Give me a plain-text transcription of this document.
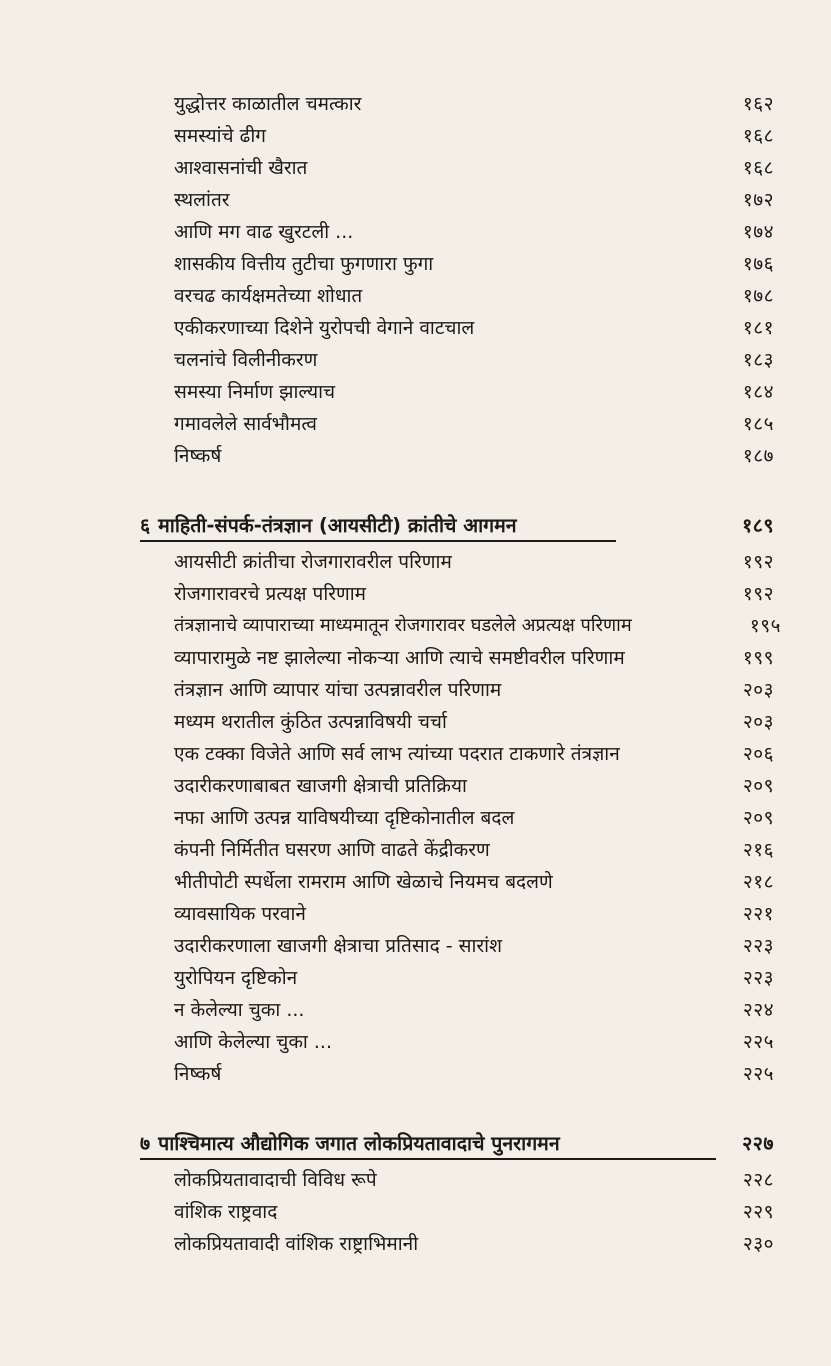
युद्धोत्तर काळातील चमत्कार	१६२
समस्यांचे ढीग	१६८
आश्वासनांची खैरात	१६८
स्थलांतर	१७२
आणि मग वाढ खुरटली ...	१७४
शासकीय वित्तीय तुटीचा फुगणारा फुगा	१७६
वरचढ कार्यक्षमतेच्या शोधात	१७८
एकीकरणाच्या दिशेने युरोपची वेगाने वाटचाल	१८१
चलनांचे विलीनीकरण	१८३
समस्या निर्माण झाल्याच	१८४
गमावलेले सार्वभौमत्व	१८५
निष्कर्ष	१८७
६ माहिती-संपर्क-तंत्रज्ञान (आयसीटी) क्रांतीचे आगमन	१८९
आयसीटी क्रांतीचा रोजगारावरील परिणाम	१९२
रोजगारावरचे प्रत्यक्ष परिणाम	१९२
तंत्रज्ञानाचे व्यापाराच्या माध्यमातून रोजगारावर घडलेले अप्रत्यक्ष परिणाम	१९५
व्यापारामुळे नष्ट झालेल्या नोकऱ्या आणि त्याचे समष्टीवरील परिणाम	१९९
तंत्रज्ञान आणि व्यापार यांचा उत्पन्नावरील परिणाम	२०३
मध्यम थरातील कुंठित उत्पन्नाविषयी चर्चा	२०३
एक टक्का विजेते आणि सर्व लाभ त्यांच्या पदरात टाकणारे तंत्रज्ञान	२०६
उदारीकरणाबाबत खाजगी क्षेत्राची प्रतिक्रिया	२०९
नफा आणि उत्पन्न याविषयीच्या दृष्टिकोनातील बदल	२०९
कंपनी निर्मितीत घसरण आणि वाढते केंद्रीकरण	२१६
भीतीपोटी स्पर्धेला रामराम आणि खेळाचे नियमच बदलणे	२१८
व्यावसायिक परवाने	२२१
उदारीकरणाला खाजगी क्षेत्राचा प्रतिसाद - सारांश	२२३
युरोपियन दृष्टिकोन	२२३
न केलेल्या चुका ...	२२४
आणि केलेल्या चुका ...	२२५
निष्कर्ष	२२५
७ पाश्चिमात्य औद्योगिक जगात लोकप्रियतावादाचे पुनरागमन	२२७
लोकप्रियतावादाची विविध रूपे	२२८
वांशिक राष्ट्रवाद	२२९
लोकप्रियतावादी वांशिक राष्ट्राभिमानी	२३०
